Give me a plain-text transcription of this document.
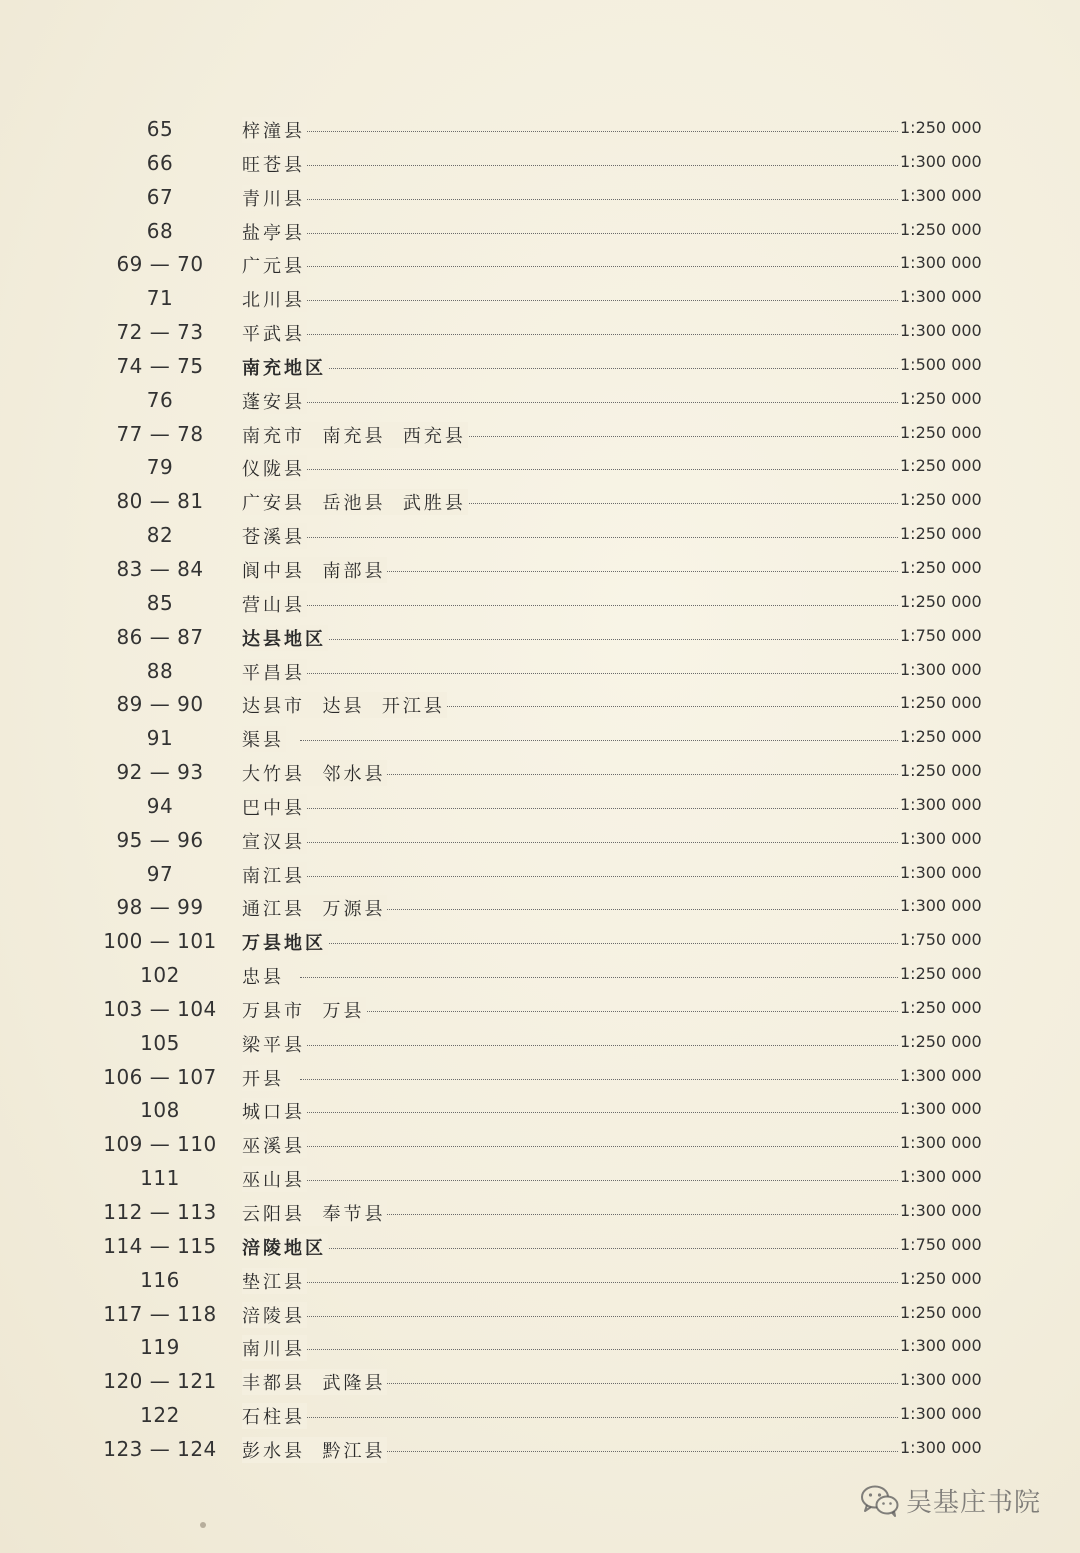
65	梓潼县	1:250 000
66	旺苍县	1:300 000
67	青川县	1:300 000
68	盐亭县	1:250 000
69 — 70	广元县	1:300 000
71	北川县	1:300 000
72 — 73	平武县	1:300 000
74 — 75	南充地区	1:500 000
76	蓬安县	1:250 000
77 — 78	南充市  南充县  西充县	1:250 000
79	仪陇县	1:250 000
80 — 81	广安县  岳池县  武胜县	1:250 000
82	苍溪县	1:250 000
83 — 84	阆中县  南部县	1:250 000
85	营山县	1:250 000
86 — 87	达县地区	1:750 000
88	平昌县	1:300 000
89 — 90	达县市  达县  开江县	1:250 000
91	渠县	1:250 000
92 — 93	大竹县  邻水县	1:250 000
94	巴中县	1:300 000
95 — 96	宣汉县	1:300 000
97	南江县	1:300 000
98 — 99	通江县  万源县	1:300 000
100 — 101 万县地区	1:750 000
102	忠县	1:250 000
103 — 104 万县市  万县	1:250 000
105	梁平县	1:250 000
106 — 107 开县	1:300 000
108	城口县	1:300 000
109 — 110 巫溪县	1:300 000
111	巫山县	1:300 000
112 — 113 云阳县  奉节县	1:300 000
114 — 115 涪陵地区	1:750 000
116	垫江县	1:250 000
117 — 118 涪陵县	1:250 000
119	南川县	1:300 000
120 — 121 丰都县  武隆县	1:300 000
122	石柱县	1:300 000
123 — 124 彭水县  黔江县	1:300 000
吴基庄书院
